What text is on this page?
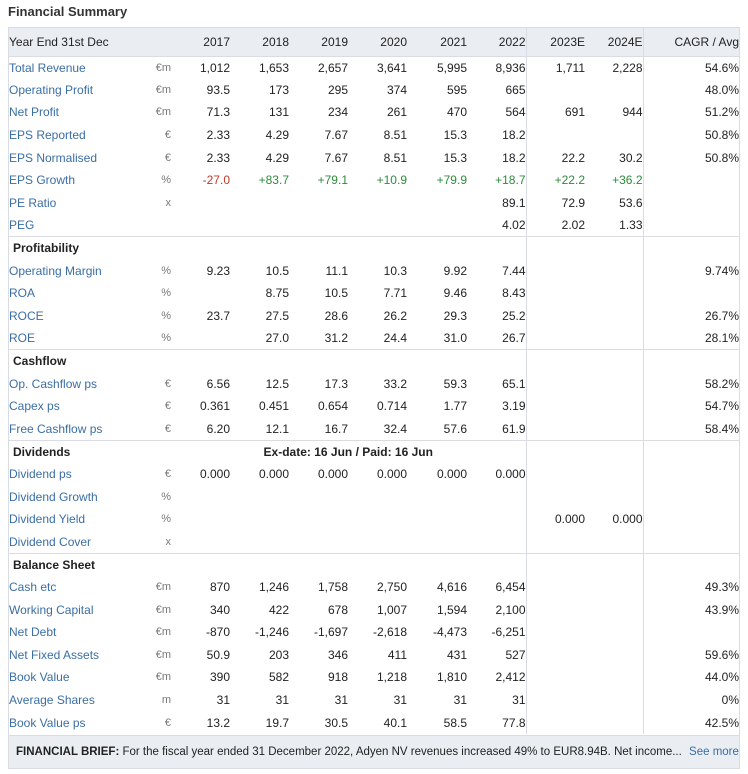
Financial Summary
Year End 31st Dec		2017	2018	2019	2020	2021	2022	2023E	2024E	CAGR / Avg
Total Revenue	€m	1,012	1,653	2,657	3,641	5,995	8,936	1,711	2,228	54.6%
Operating Profit	€m	93.5	173	295	374	595	665			48.0%
Net Profit	€m	71.3	131	234	261	470	564	691	944	51.2%
EPS Reported	€	2.33	4.29	7.67	8.51	15.3	18.2			50.8%
EPS Normalised	€	2.33	4.29	7.67	8.51	15.3	18.2	22.2	30.2	50.8%
EPS Growth	%	-27.0	+83.7	+79.1	+10.9	+79.9	+18.7	+22.2	+36.2	
PE Ratio	x						89.1	72.9	53.6	
PEG							4.02	2.02	1.33	
Profitability										
Operating Margin	%	9.23	10.5	11.1	10.3	9.92	7.44			9.74%
ROA	%		8.75	10.5	7.71	9.46	8.43			
ROCE	%	23.7	27.5	28.6	26.2	29.3	25.2			26.7%
ROE	%		27.0	31.2	24.4	31.0	26.7			28.1%
Cashflow										
Op. Cashflow ps	€	6.56	12.5	17.3	33.2	59.3	65.1			58.2%
Capex ps	€	0.361	0.451	0.654	0.714	1.77	3.19			54.7%
Free Cashflow ps	€	6.20	12.1	16.7	32.4	57.6	61.9			58.4%
Dividends		Ex-date: 16 Jun / Paid: 16 Jun								
Dividend ps	€	0.000	0.000	0.000	0.000	0.000	0.000			
Dividend Growth	%									
Dividend Yield	%							0.000	0.000	
Dividend Cover	x									
Balance Sheet										
Cash etc	€m	870	1,246	1,758	2,750	4,616	6,454			49.3%
Working Capital	€m	340	422	678	1,007	1,594	2,100			43.9%
Net Debt	€m	-870	-1,246	-1,697	-2,618	-4,473	-6,251			
Net Fixed Assets	€m	50.9	203	346	411	431	527			59.6%
Book Value	€m	390	582	918	1,218	1,810	2,412			44.0%
Average Shares	m	31	31	31	31	31	31			0%
Book Value ps	€	13.2	19.7	30.5	40.1	58.5	77.8			42.5%
FINANCIAL BRIEF: For the fiscal year ended 31 December 2022, Adyen NV revenues increased 49% to EUR8.94B. Net income... See more
